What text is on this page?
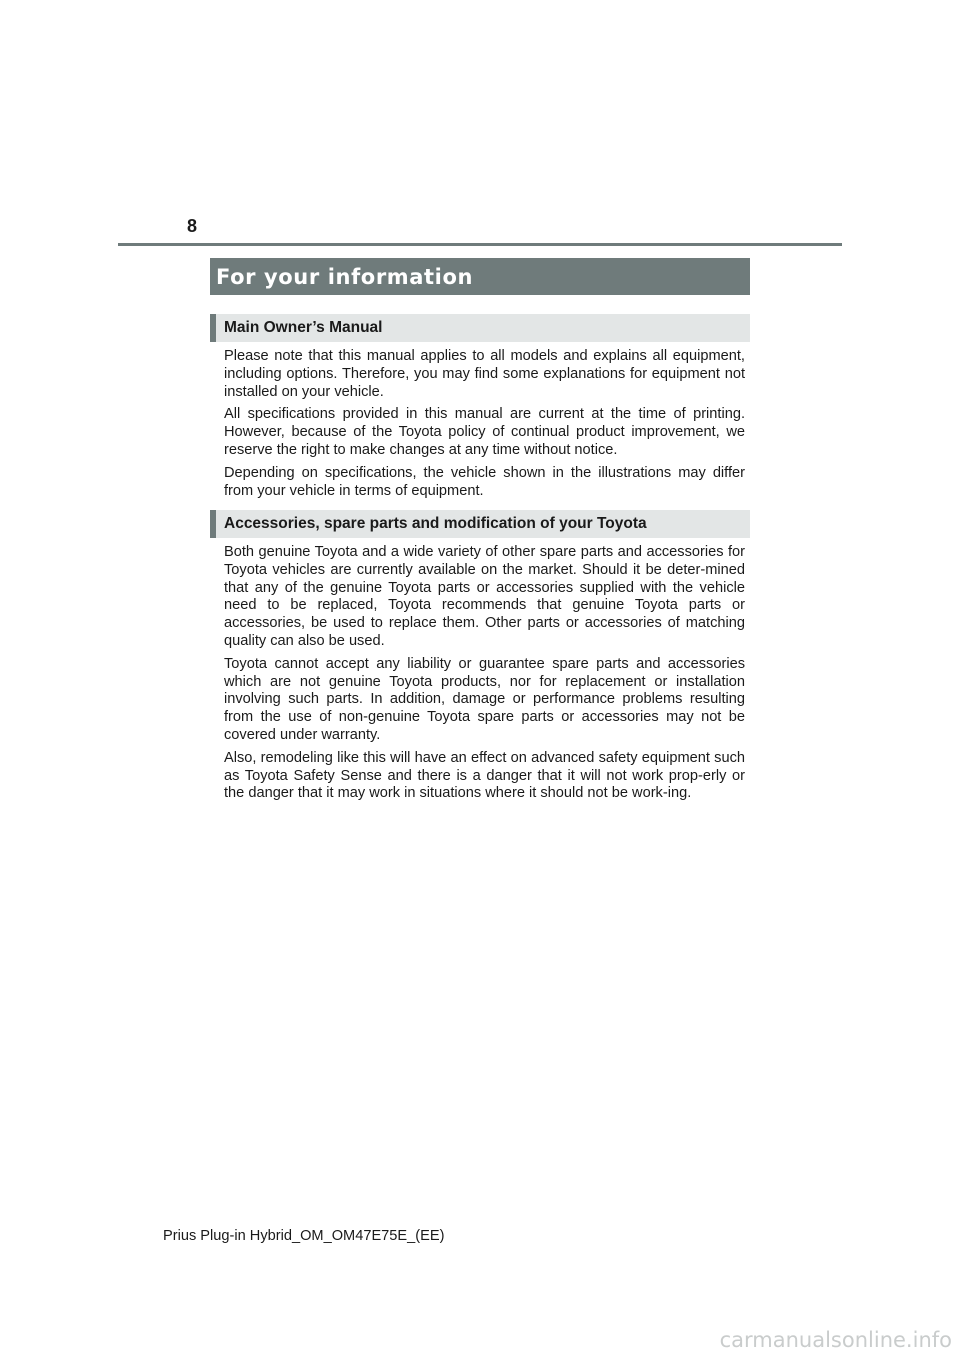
8
For your information
Main Owner’s Manual

Please note that this manual applies to all models and explains all equipment, including options. Therefore, you may find some explanations for equipment not installed on your vehicle.

All specifications provided in this manual are current at the time of printing. However, because of the Toyota policy of continual product improvement, we reserve the right to make changes at any time without notice.

Depending on specifications, the vehicle shown in the illustrations may differ from your vehicle in terms of equipment.

Accessories, spare parts and modification of your Toyota

Both genuine Toyota and a wide variety of other spare parts and accessories for Toyota vehicles are currently available on the market. Should it be deter-mined that any of the genuine Toyota parts or accessories supplied with the vehicle need to be replaced, Toyota recommends that genuine Toyota parts or accessories, be used to replace them. Other parts or accessories of matching quality can also be used.

Toyota cannot accept any liability or guarantee spare parts and accessories which are not genuine Toyota products, nor for replacement or installation involving such parts. In addition, damage or performance problems resulting from the use of non-genuine Toyota spare parts or accessories may not be covered under warranty.

Also, remodeling like this will have an effect on advanced safety equipment such as Toyota Safety Sense and there is a danger that it will not work prop-erly or the danger that it may work in situations where it should not be work-ing.

Prius Plug-in Hybrid_OM_OM47E75E_(EE)
carmanualsonline.info
